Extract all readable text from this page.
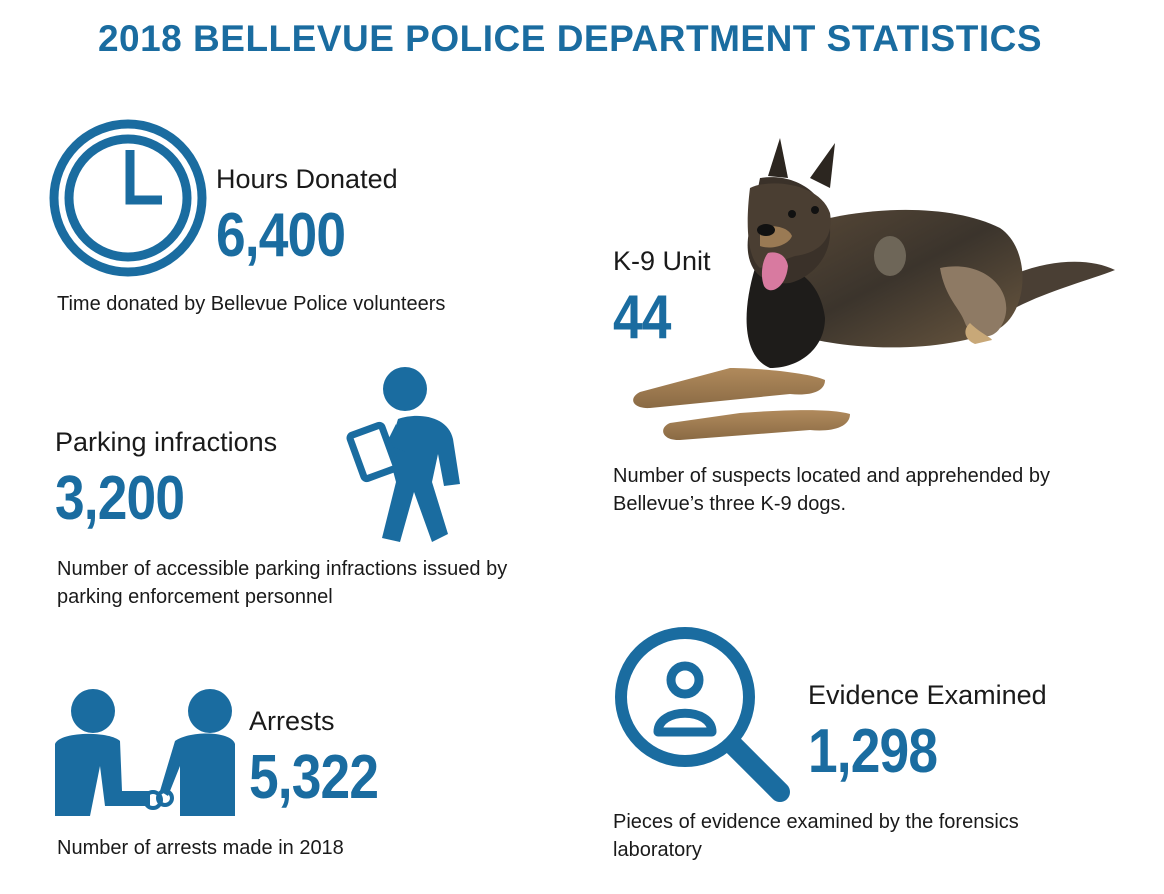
2018 BELLEVUE POLICE DEPARTMENT STATISTICS
Hours Donated
6,400
Time donated by Bellevue Police volunteers
K-9 Unit
44
Number of suspects located and apprehended by
Bellevue’s three K-9 dogs.
Parking infractions
3,200
Number of accessible parking infractions issued by
parking enforcement personnel
Evidence Examined
1,298
Pieces of evidence examined by the forensics
laboratory
Arrests
5,322
Number of arrests made in 2018
